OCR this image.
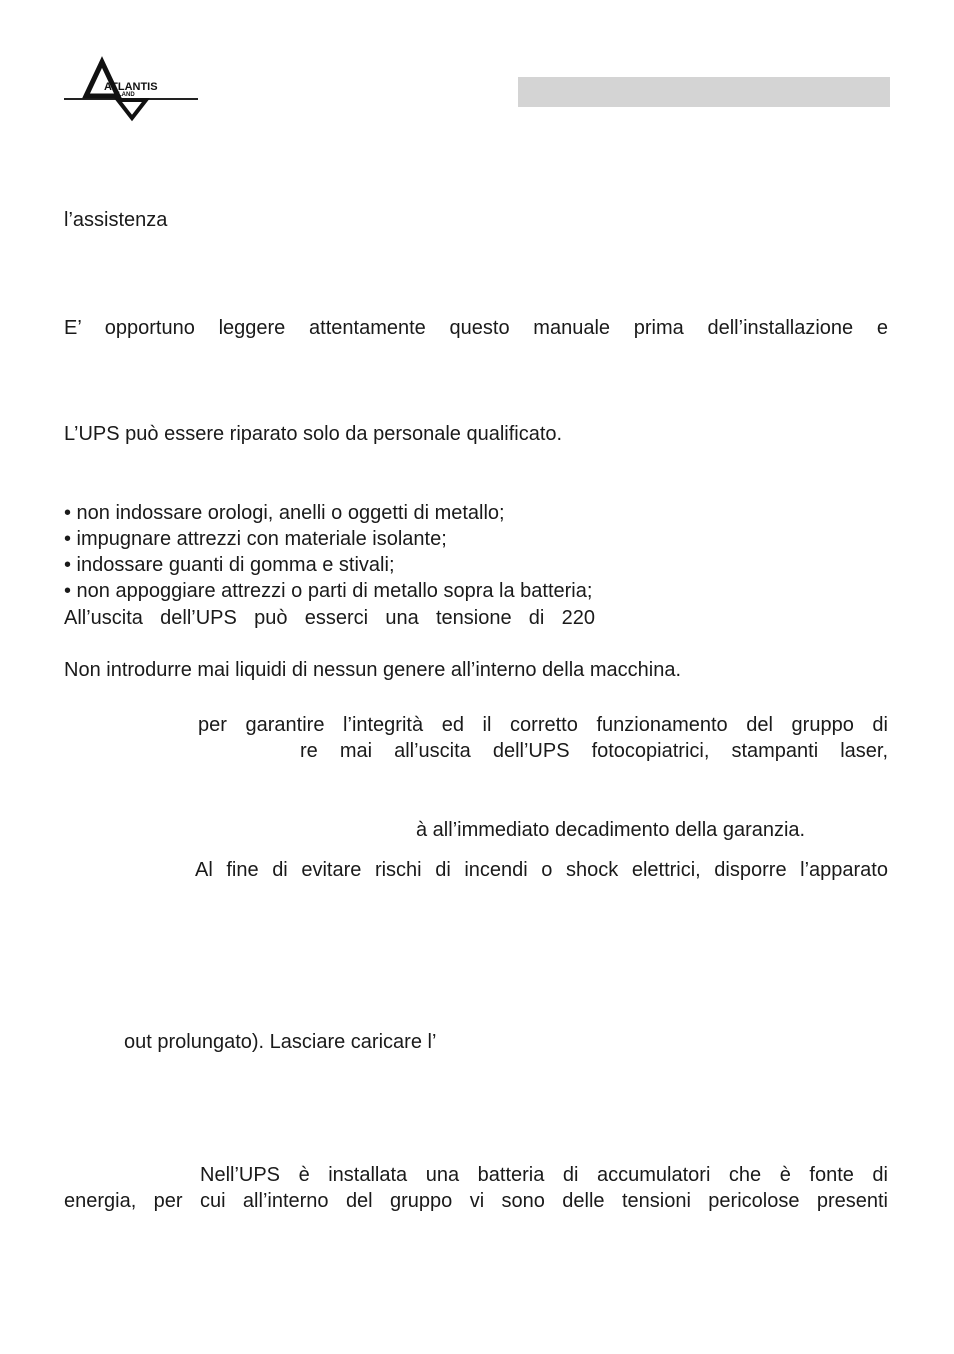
ATLANTIS
LAND
l’assistenza
E’ opportuno leggere attentamente questo manuale prima dell’installazione e
L’UPS può essere riparato solo da personale qualificato.
• non indossare orologi, anelli o oggetti di metallo;
• impugnare attrezzi con materiale isolante;
• indossare guanti di gomma e stivali;
• non appoggiare attrezzi o parti di metallo sopra la batteria;
All’uscita dell’UPS può esserci una tensione di 220
Non introdurre mai liquidi di nessun genere all’interno della macchina.
per garantire l’integrità ed il corretto funzionamento del gruppo di
re mai all’uscita dell’UPS fotocopiatrici, stampanti laser,
à all’immediato decadimento della garanzia.
Al fine di evitare rischi di incendi o shock elettrici, disporre l’apparato
out prolungato). Lasciare caricare l’
Nell’UPS è installata una batteria di accumulatori che è fonte di
energia, per cui all’interno del gruppo vi sono delle tensioni pericolose presenti
